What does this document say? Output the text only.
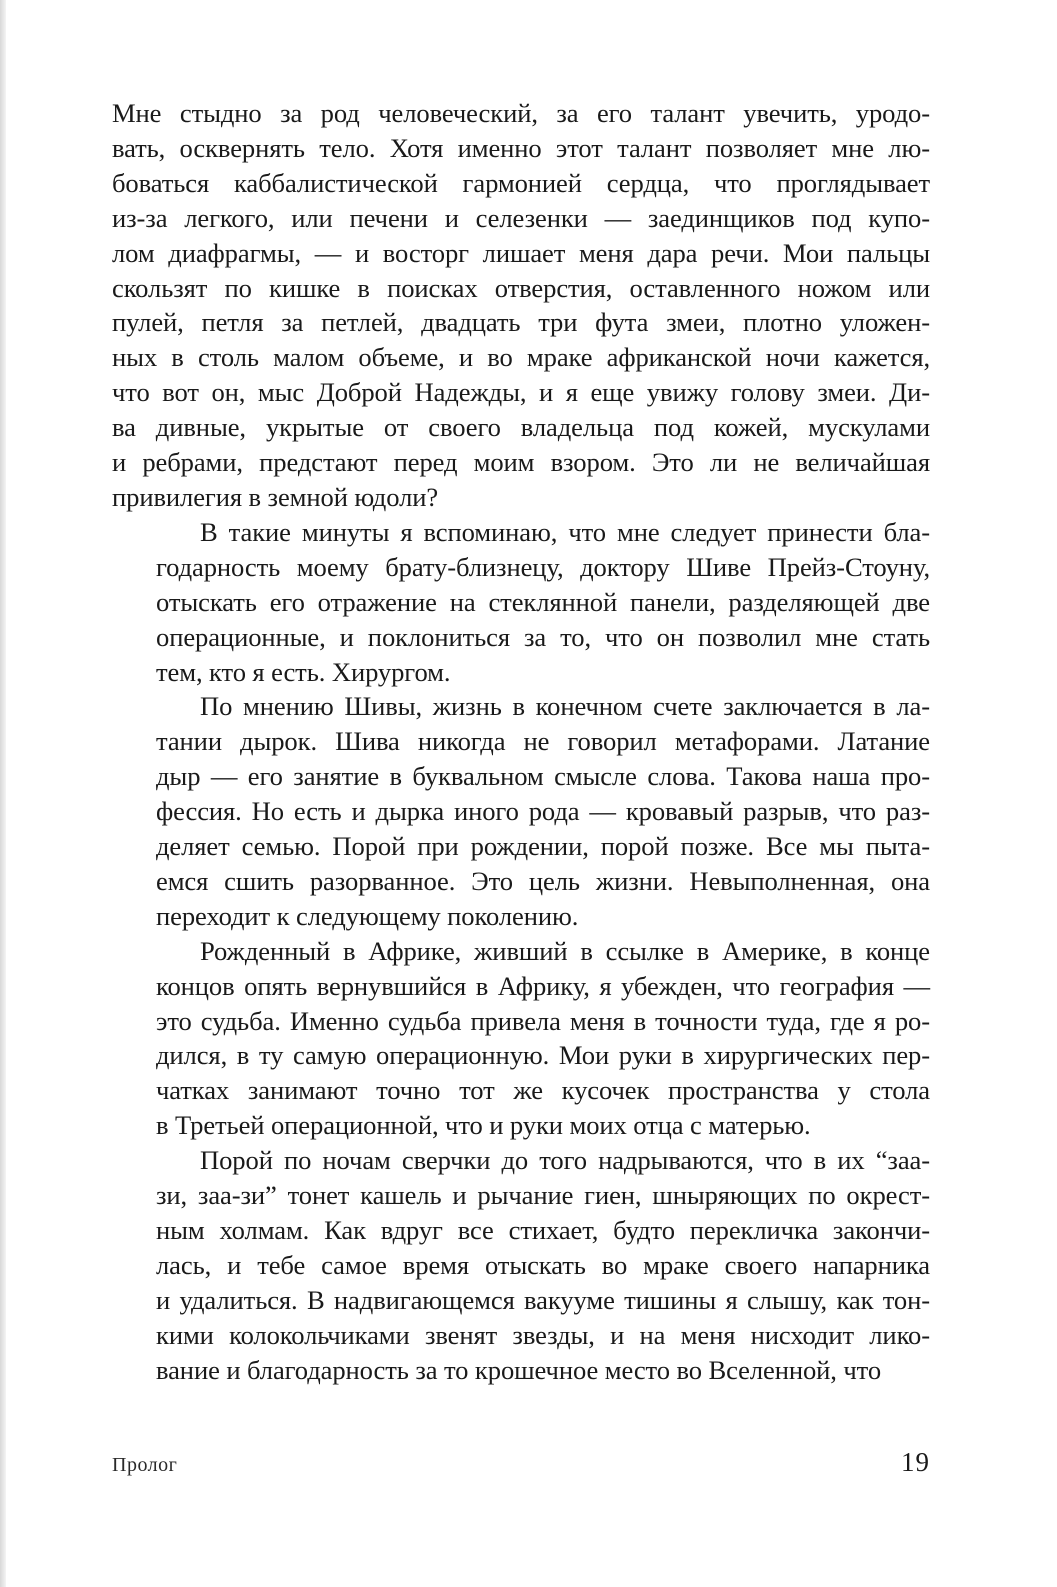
Мне стыдно за род человеческий, за его талант увечить, уродо-
вать, осквернять тело. Хотя именно этот талант позволяет мне лю-
боваться каббалистической гармонией сердца, что проглядывает
из-за легкого, или печени и селезенки — заединщиков под купо-
лом диафрагмы, — и восторг лишает меня дара речи. Мои пальцы
скользят по кишке в поисках отверстия, оставленного ножом или
пулей, петля за петлей, двадцать три фута змеи, плотно уложен-
ных в столь малом объеме, и во мраке африканской ночи кажется,
что вот он, мыс Доброй Надежды, и я еще увижу голову змеи. Ди-
ва дивные, укрытые от своего владельца под кожей, мускулами
и ребрами, предстают перед моим взором. Это ли не величайшая
привилегия в земной юдоли?
В такие минуты я вспоминаю, что мне следует принести бла-
годарность моему брату-близнецу, доктору Шиве Прейз-Стоуну,
отыскать его отражение на стеклянной панели, разделяющей две
операционные, и поклониться за то, что он позволил мне стать
тем, кто я есть. Хирургом.
По мнению Шивы, жизнь в конечном счете заключается в ла-
тании дырок. Шива никогда не говорил метафорами. Латание
дыр — его занятие в буквальном смысле слова. Такова наша про-
фессия. Но есть и дырка иного рода — кровавый разрыв, что раз-
деляет семью. Порой при рождении, порой позже. Все мы пыта-
емся сшить разорванное. Это цель жизни. Невыполненная, она
переходит к следующему поколению.
Рожденный в Африке, живший в ссылке в Америке, в конце
концов опять вернувшийся в Африку, я убежден, что география —
это судьба. Именно судьба привела меня в точности туда, где я ро-
дился, в ту самую операционную. Мои руки в хирургических пер-
чатках занимают точно тот же кусочек пространства у стола
в Третьей операционной, что и руки моих отца с матерью.
Порой по ночам сверчки до того надрываются, что в их “заа-
зи, заа-зи” тонет кашель и рычание гиен, шныряющих по окрест-
ным холмам. Как вдруг все стихает, будто перекличка закончи-
лась, и тебе самое время отыскать во мраке своего напарника
и удалиться. В надвигающемся вакууме тишины я слышу, как тон-
кими колокольчиками звенят звезды, и на меня нисходит лико-
вание и благодарность за то крошечное место во Вселенной, что
Пролог	19
